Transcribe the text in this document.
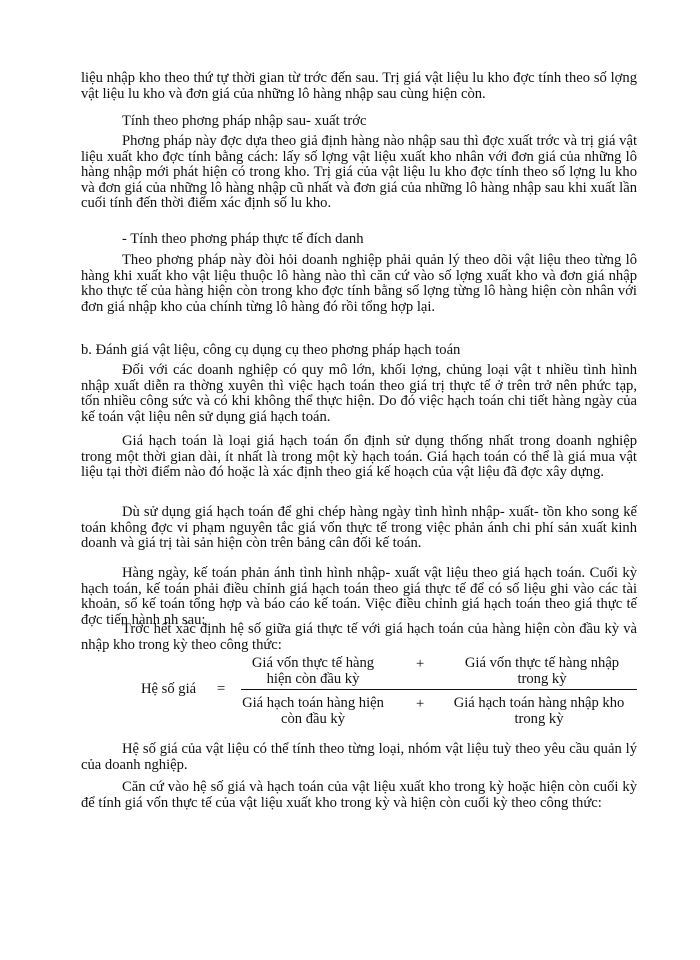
liệu nhập kho theo thứ tự thời gian từ trớc đến sau. Trị giá vật liệu lu kho đợc tính theo số lợng vật liệu lu kho và đơn giá của những lô hàng nhập sau cùng hiện còn.

Tính theo phơng pháp nhập sau- xuất trớc

Phơng pháp này đợc dựa theo giả định hàng nào nhập sau thì đợc xuất trớc và trị giá vật liệu xuất kho đợc tính bằng cách: lấy số lợng vật liệu xuất kho nhân với đơn giá của những lô hàng nhập mới phát hiện có trong kho. Trị giá của vật liệu lu kho đợc tính theo số lợng lu kho và đơn giá của những lô hàng nhập cũ nhất và đơn giá của những lô hàng nhập sau khi xuất lần cuối tính đến thời điểm xác định số lu kho.

- Tính theo phơng pháp thực tế đích danh

Theo phơng pháp này đòi hỏi doanh nghiệp phải quản lý theo dõi vật liệu theo từng lô hàng khi xuất kho vật liệu thuộc lô hàng nào thì căn cứ vào số lợng xuất kho và đơn giá nhập kho thực tế của hàng hiện còn trong kho đợc tính bằng số lợng từng lô hàng hiện còn nhân với đơn giá nhập kho của chính từng lô hàng đó rồi tổng hợp lại.

b. Đánh giá vật liệu, công cụ dụng cụ theo phơng pháp hạch toán

Đối với các doanh nghiệp có quy mô lớn, khối lợng, chủng loại vật t nhiều tình hình nhập xuất diễn ra thờng xuyên thì việc hạch toán theo giá trị thực tế ở trên trở nên phức tạp, tốn nhiều công sức và có khi không thể thực hiện. Do đó việc hạch toán chi tiết hàng ngày của kế toán vật liệu nên sử dụng giá hạch toán.

Giá hạch toán là loại giá hạch toán ổn định sử dụng thống nhất trong doanh nghiệp trong một thời gian dài, ít nhất là trong một kỳ hạch toán. Giá hạch toán có thể là giá mua vật liệu tại thời điểm nào đó hoặc là xác định theo giá kế hoạch của vật liệu đã đợc xây dựng.

Dù sử dụng giá hạch toán để ghi chép hàng ngày tình hình nhập- xuất- tồn kho song kế toán không đợc vi phạm nguyên tắc giá vốn thực tế trong việc phản ánh chi phí sản xuất kinh doanh và giá trị tài sản hiện còn trên bảng cân đối kế toán.

Hàng ngày, kế toán phản ánh tình hình nhập- xuất vật liệu theo giá hạch toán. Cuối kỳ hạch toán, kế toán phải điều chỉnh giá hạch toán theo giá thực tế để có số liệu ghi vào các tài khoản, sổ kế toán tổng hợp và báo cáo kế toán. Việc điều chỉnh giá hạch toán theo giá thực tế đợc tiến hành nh sau:

Trớc hết xác định hệ số giữa giá thực tế với giá hạch toán của hàng hiện còn đầu kỳ và nhập kho trong kỳ theo công thức:

Hệ số giá =
Giá vốn thực tế hàng
hiện còn đầu kỳ
+	Giá vốn thực tế hàng nhập
trong kỳ
Giá hạch toán hàng hiện
còn đầu kỳ
+	Giá hạch toán hàng nhập kho
trong kỳ

Hệ số giá của vật liệu có thể tính theo từng loại, nhóm vật liệu tuỳ theo yêu cầu quản lý của doanh nghiệp.

Căn cứ vào hệ số giá và hạch toán của vật liệu xuất kho trong kỳ hoặc hiện còn cuối kỳ để tính giá vốn thực tế của vật liệu xuất kho trong kỳ và hiện còn cuối kỳ theo công thức:
